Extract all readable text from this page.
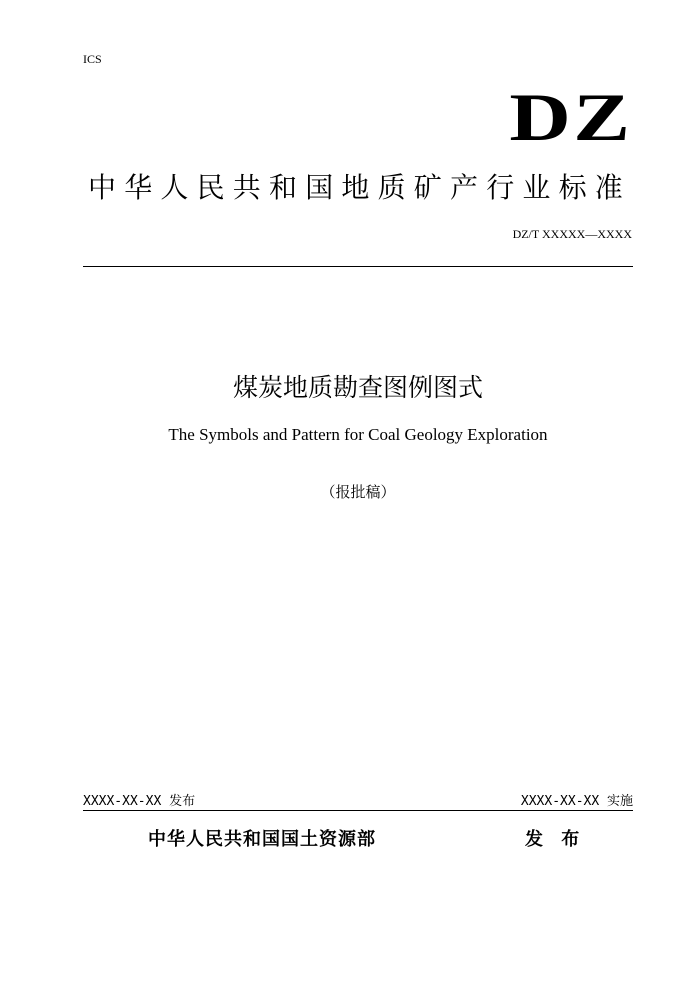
ICS
DZ
中华人民共和国地质矿产行业标准
DZ/T XXXXX—XXXX
煤炭地质勘查图例图式
The Symbols and Pattern for Coal Geology Exploration
（报批稿）
XXXX-XX-XX 发布	XXXX-XX-XX 实施
中华人民共和国国土资源部	发 布
